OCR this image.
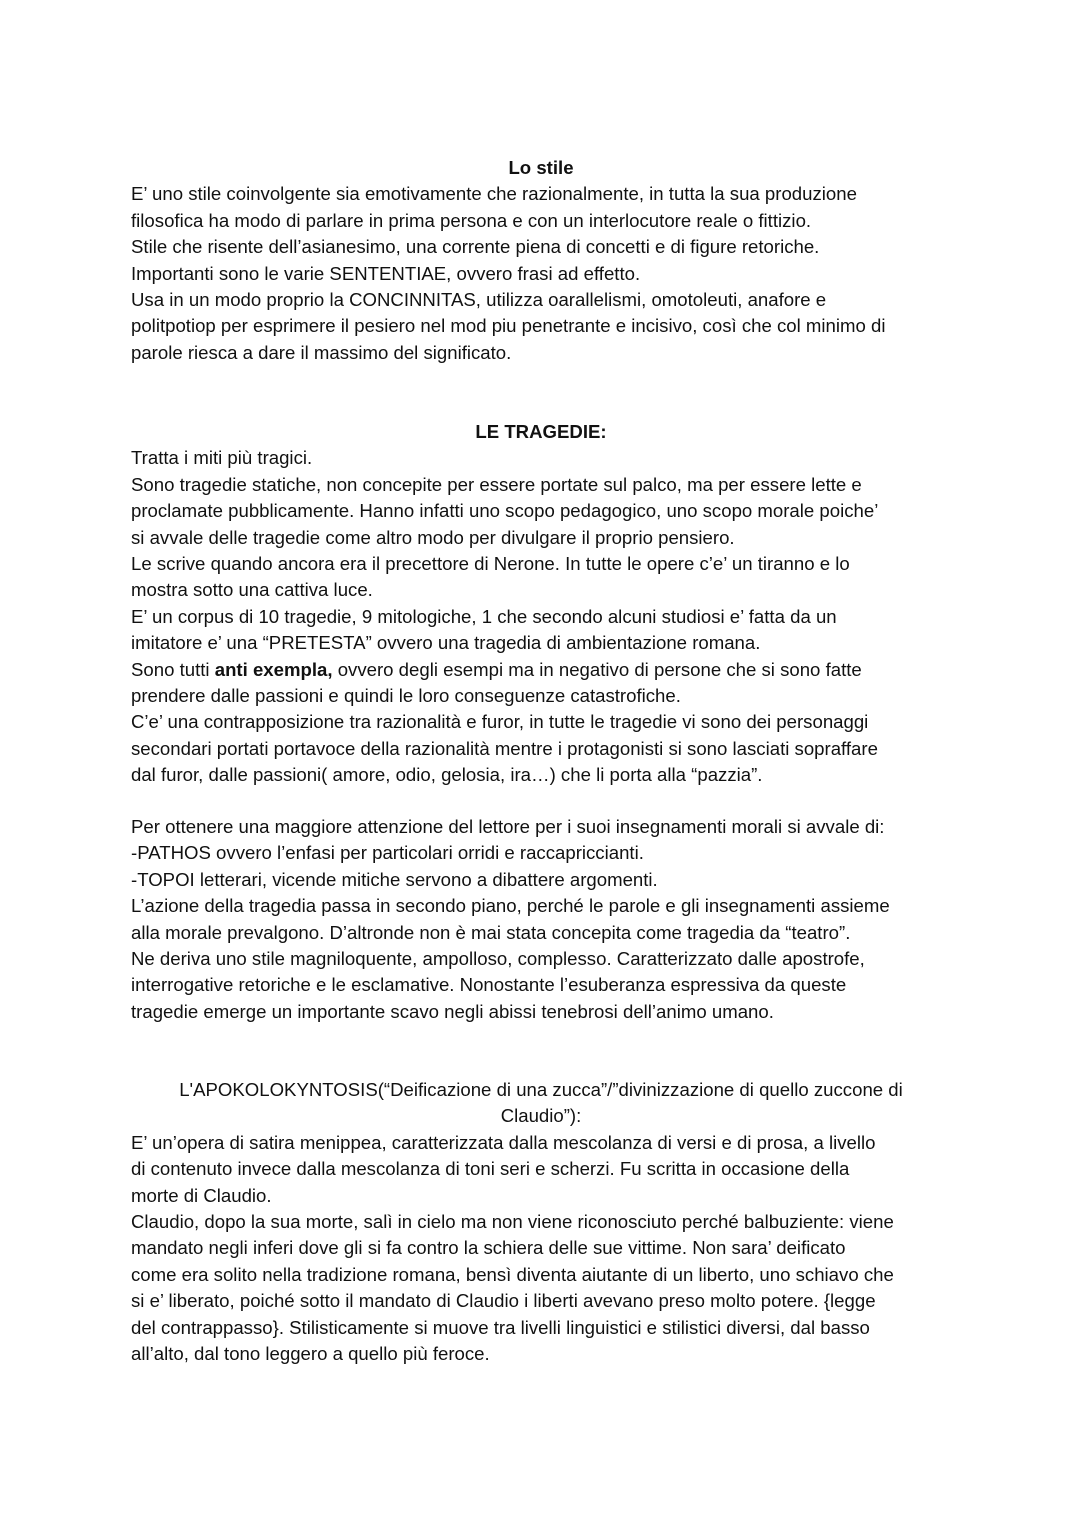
Lo stile
E’ uno stile coinvolgente sia emotivamente che razionalmente, in tutta la sua produzione
filosofica ha modo di parlare in prima persona e con un interlocutore reale o fittizio.
Stile che risente dell’asianesimo, una corrente piena di concetti e di figure retoriche.
Importanti sono le varie SENTENTIAE, ovvero frasi ad effetto.
Usa in un modo proprio la CONCINNITAS, utilizza oarallelismi, omotoleuti, anafore e
politpotiop per esprimere il pesiero nel mod piu penetrante e incisivo, così che col minimo di
parole riesca a dare il massimo del significato.
LE TRAGEDIE:
Tratta i miti più tragici.
Sono tragedie statiche, non concepite per essere portate sul palco, ma per essere lette e
proclamate pubblicamente. Hanno infatti uno scopo pedagogico, uno scopo morale poiche’
si avvale delle tragedie come altro modo per divulgare il proprio pensiero.
Le scrive quando ancora era il precettore di Nerone. In tutte le opere c’e’ un tiranno e lo
mostra sotto una cattiva luce.
E’ un corpus di 10 tragedie, 9 mitologiche, 1 che secondo alcuni studiosi e’ fatta da un
imitatore e’ una “PRETESTA” ovvero una tragedia di ambientazione romana.
Sono tutti anti exempla, ovvero degli esempi ma in negativo di persone che si sono fatte
prendere dalle passioni e quindi le loro conseguenze catastrofiche.
C’e’ una contrapposizione tra razionalità e furor, in tutte le tragedie vi sono dei personaggi
secondari portati portavoce della razionalità mentre i protagonisti si sono lasciati sopraffare
dal furor, dalle passioni( amore, odio, gelosia, ira…) che li porta alla “pazzia”.
Per ottenere una maggiore attenzione del lettore per i suoi insegnamenti morali si avvale di:
-PATHOS ovvero l’enfasi per particolari orridi e raccapriccianti.
-TOPOI letterari, vicende mitiche servono a dibattere argomenti.
L’azione della tragedia passa in secondo piano, perché le parole e gli insegnamenti assieme
alla morale prevalgono. D’altronde non è mai stata concepita come tragedia da “teatro”.
Ne deriva uno stile magniloquente, ampolloso, complesso. Caratterizzato dalle apostrofe,
interrogative retoriche e le esclamative. Nonostante l’esuberanza espressiva da queste
tragedie emerge un importante scavo negli abissi tenebrosi dell’animo umano.
L'APOKOLOKYNTOSIS(“Deificazione di una zucca”/”divinizzazione di quello zuccone di
Claudio”):
E’ un’opera di satira menippea, caratterizzata dalla mescolanza di versi e di prosa, a livello
di contenuto invece dalla mescolanza di toni seri e scherzi. Fu scritta in occasione della
morte di Claudio.
Claudio, dopo la sua morte, salì in cielo ma non viene riconosciuto perché balbuziente: viene
mandato negli inferi dove gli si fa contro la schiera delle sue vittime. Non sara’ deificato
come era solito nella tradizione romana, bensì diventa aiutante di un liberto, uno schiavo che
si e’ liberato, poiché sotto il mandato di Claudio i liberti avevano preso molto potere. {legge
del contrappasso}. Stilisticamente si muove tra livelli linguistici e stilistici diversi, dal basso
all’alto, dal tono leggero a quello più feroce.
